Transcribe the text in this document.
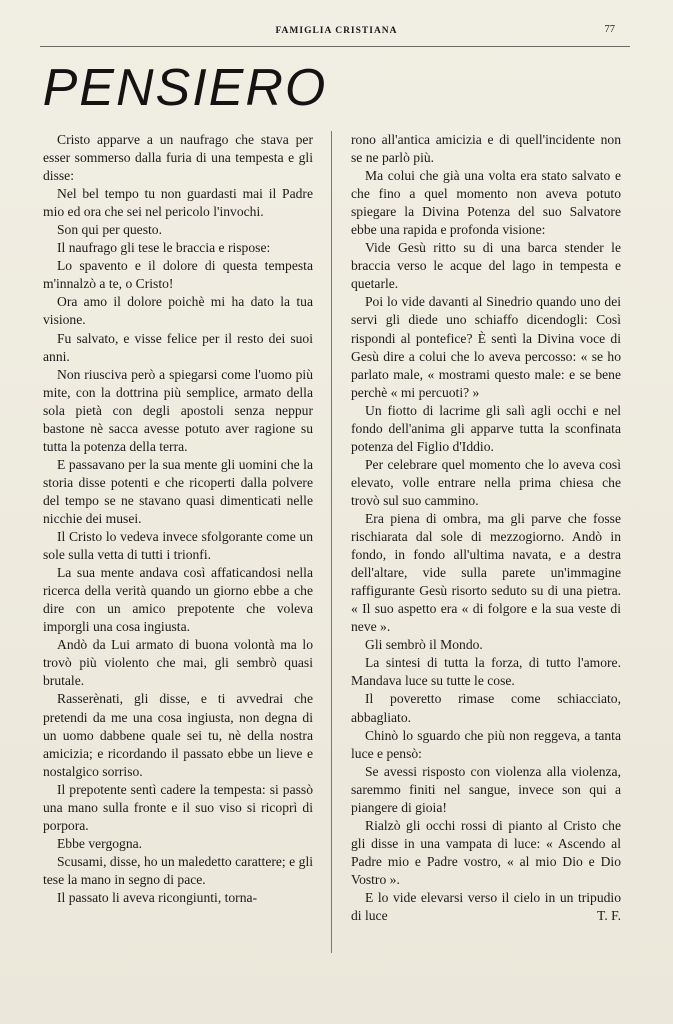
FAMIGLIA CRISTIANA	77
PENSIERO

Cristo apparve a un naufrago che stava per esser sommerso dalla furia di una tempesta e gli disse:

Nel bel tempo tu non guardasti mai il Padre mio ed ora che sei nel pericolo l'invochi.

Son qui per questo.

Il naufrago gli tese le braccia e rispose:

Lo spavento e il dolore di questa tempesta m'innalzò a te, o Cristo!

Ora amo il dolore poichè mi ha dato la tua visione.

Fu salvato, e visse felice per il resto dei suoi anni.

Non riusciva però a spiegarsi come l'uomo più mite, con la dottrina più semplice, armato della sola pietà con degli apostoli senza neppur bastone nè sacca avesse potuto aver ragione su tutta la potenza della terra.

E passavano per la sua mente gli uomini che la storia disse potenti e che ricoperti dalla polvere del tempo se ne stavano quasi dimenticati nelle nicchie dei musei.

Il Cristo lo vedeva invece sfolgorante come un sole sulla vetta di tutti i trionfi.

La sua mente andava così affaticandosi nella ricerca della verità quando un giorno ebbe a che dire con un amico prepotente che voleva imporgli una cosa ingiusta.

Andò da Lui armato di buona volontà ma lo trovò più violento che mai, gli sembrò quasi brutale.

Rasserènati, gli disse, e ti avvedrai che pretendi da me una cosa ingiusta, non degna di un uomo dabbene quale sei tu, nè della nostra amicizia; e ricordando il passato ebbe un lieve e nostalgico sorriso.

Il prepotente sentì cadere la tempesta: si passò una mano sulla fronte e il suo viso si ricoprì di porpora.

Ebbe vergogna.

Scusami, disse, ho un maledetto carattere; e gli tese la mano in segno di pace.

Il passato li aveva ricongiunti, torna-

rono all'antica amicizia e di quell'incidente non se ne parlò più.

Ma colui che già una volta era stato salvato e che fino a quel momento non aveva potuto spiegare la Divina Potenza del suo Salvatore ebbe una rapida e profonda visione:

Vide Gesù ritto su di una barca stender le braccia verso le acque del lago in tempesta e quetarle.

Poi lo vide davanti al Sinedrio quando uno dei servi gli diede uno schiaffo dicendogli: Così rispondi al pontefice? È sentì la Divina voce di Gesù dire a colui che lo aveva percosso: « se ho parlato male, « mostrami questo male: e se bene perchè « mi percuoti? »

Un fiotto di lacrime gli salì agli occhi e nel fondo dell'anima gli apparve tutta la sconfinata potenza del Figlio d'Iddio.

Per celebrare quel momento che lo aveva così elevato, volle entrare nella prima chiesa che trovò sul suo cammino.

Era piena di ombra, ma gli parve che fosse rischiarata dal sole di mezzogiorno. Andò in fondo, in fondo all'ultima navata, e a destra dell'altare, vide sulla parete un'immagine raffigurante Gesù risorto seduto su di una pietra. « Il suo aspetto era « di folgore e la sua veste di neve ».

Gli sembrò il Mondo.

La sintesi di tutta la forza, di tutto l'amore. Mandava luce su tutte le cose.

Il poveretto rimase come schiacciato, abbagliato.

Chinò lo sguardo che più non reggeva, a tanta luce e pensò:

Se avessi risposto con violenza alla violenza, saremmo finiti nel sangue, invece son qui a piangere di gioia!

Rialzò gli occhi rossi di pianto al Cristo che gli disse in una vampata di luce: « Ascendo al Padre mio e Padre vostro, « al mio Dio e Dio Vostro ».

E lo vide elevarsi verso il cielo in un tripudio di luce	T. F.
